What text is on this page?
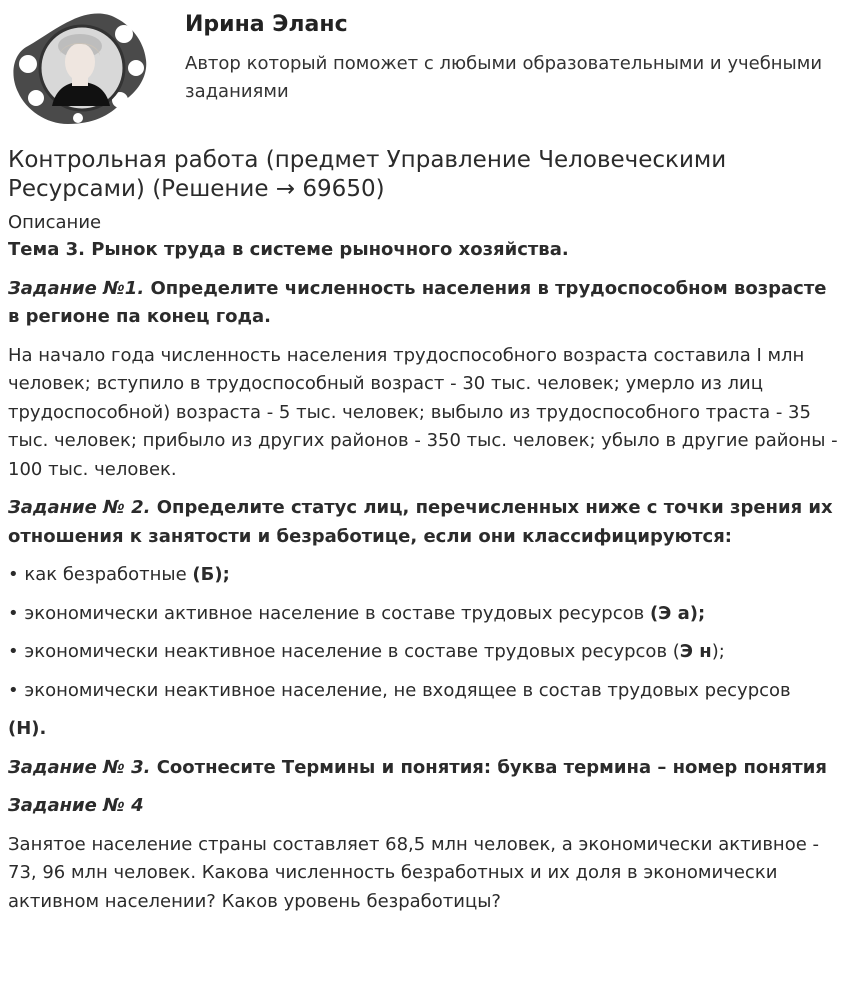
Ирина Эланс
Автор который поможет с любыми образовательными и учебными заданиями
Контрольная работа (предмет Управление Человеческими Ресурсами) (Решение → 69650)
Описание

Тема 3. Рынок труда в системе рыночного хозяйства.

Задание №1. Определите численность населения в трудоспособном возрасте в регионе па конец года.

На начало года численность населения трудоспособного возраста составила I млн человек; вступило в трудоспособный возраст - 30 тыс. человек; умерло из лиц трудоспособной) возраста - 5 тыс. человек; выбыло из трудоспособного траста - 35 тыс. человек; прибыло из других районов - 350 тыс. человек; убыло в другие районы - 100 тыс. человек.

Задание № 2. Определите статус лиц, перечисленных ниже с точки зрения их отношения к занятости и безработице, если они классифицируются:

• как безработные (Б);

• экономически активное население в составе трудовых ресурсов (Э а);

• экономически неактивное население в составе трудовых ресурсов (Э н);

• экономически неактивное население, не входящее в состав трудовых ресурсов

(Н).

Задание № 3. Соотнесите Термины и понятия: буква термина – номер понятия

Задание № 4

Занятое население страны составляет 68,5 млн человек, а экономически активное - 73, 96 млн человек. Какова численность безработных и их доля в экономически активном населении? Каков уровень безработицы?
